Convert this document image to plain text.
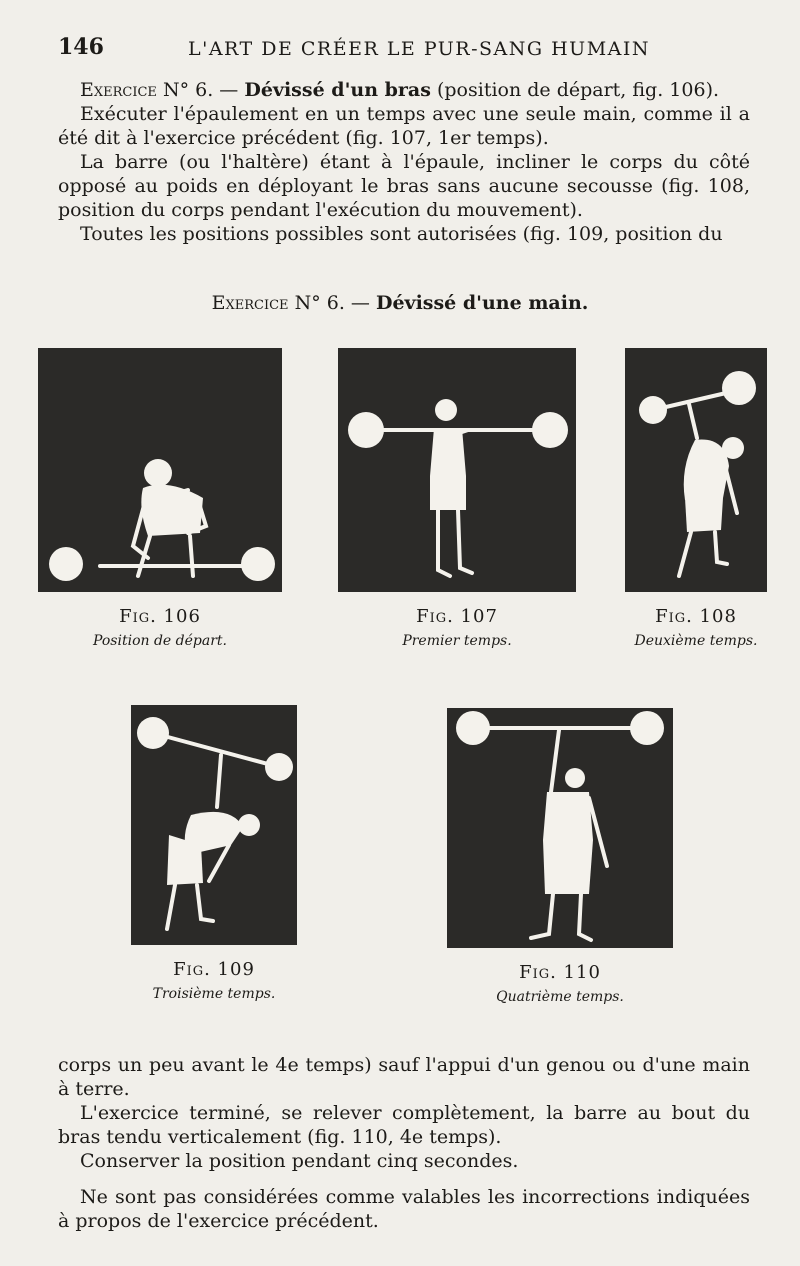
146	L'ART DE CRÉER LE PUR-SANG HUMAIN

Exercice N° 6. — Dévissé d'un bras (position de départ, fig. 106).

Exécuter l'épaulement en un temps avec une seule main, comme il a été dit à l'exercice précédent (fig. 107, 1er temps).

La barre (ou l'haltère) étant à l'épaule, incliner le corps du côté opposé au poids en déployant le bras sans aucune secousse (fig. 108, position du corps pendant l'exécution du mouvement).

Toutes les positions possibles sont autorisées (fig. 109, position du

Exercice N° 6. — Dévissé d'une main.
Fig. 106
Position de départ.
Fig. 107
Premier temps.
Fig. 108
Deuxième temps.
Fig. 109
Troisième temps.
Fig. 110
Quatrième temps.

corps un peu avant le 4e temps) sauf l'appui d'un genou ou d'une main à terre.

L'exercice terminé, se relever complètement, la barre au bout du bras tendu verticalement (fig. 110, 4e temps).

Conserver la position pendant cinq secondes.

Ne sont pas considérées comme valables les incorrections indiquées à propos de l'exercice précédent.
